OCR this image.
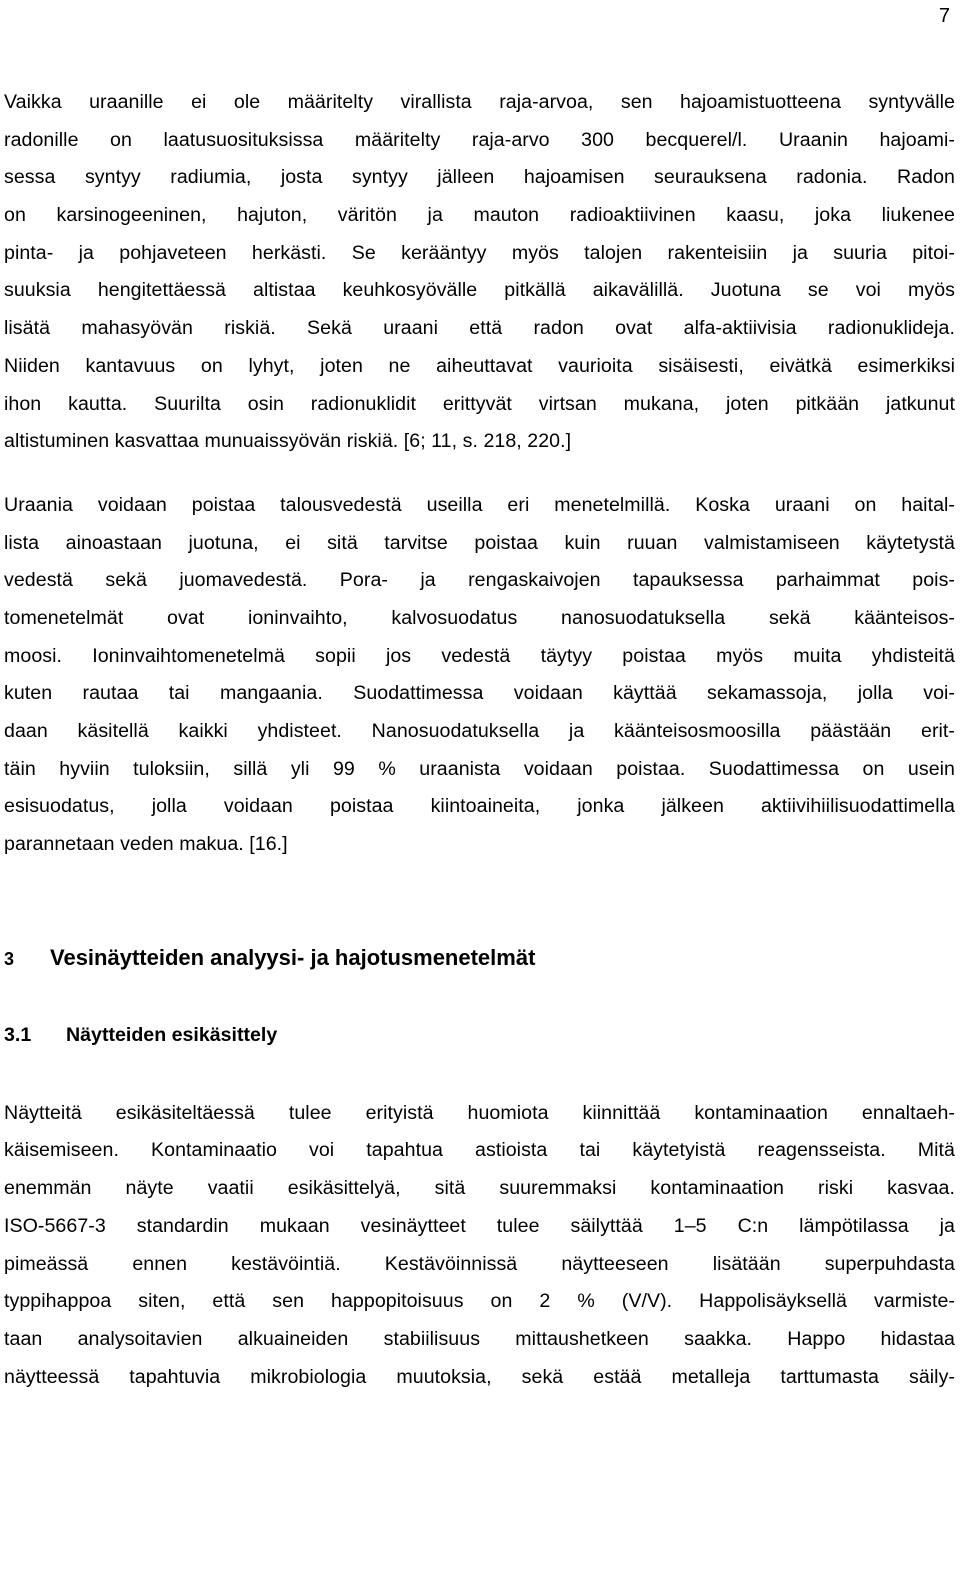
7
Vaikka uraanille ei ole määritelty virallista raja-arvoa, sen hajoamistuotteena syntyvälle
radonille on laatusuosituksissa määritelty raja-arvo 300 becquerel/l. Uraanin hajoami-
sessa syntyy radiumia, josta syntyy jälleen hajoamisen seurauksena radonia. Radon
on karsinogeeninen, hajuton, väritön ja mauton radioaktiivinen kaasu, joka liukenee
pinta- ja pohjaveteen herkästi. Se kerääntyy myös talojen rakenteisiin ja suuria pitoi-
suuksia hengitettäessä altistaa keuhkosyövälle pitkällä aikavälillä. Juotuna se voi myös
lisätä mahasyövän riskiä. Sekä uraani että radon ovat alfa-aktiivisia radionuklideja.
Niiden kantavuus on lyhyt, joten ne aiheuttavat vaurioita sisäisesti, eivätkä esimerkiksi
ihon kautta. Suurilta osin radionuklidit erittyvät virtsan mukana, joten pitkään jatkunut
altistuminen kasvattaa munuaissyövän riskiä. [6; 11, s. 218, 220.]
Uraania voidaan poistaa talousvedestä useilla eri menetelmillä. Koska uraani on haital-
lista ainoastaan juotuna, ei sitä tarvitse poistaa kuin ruuan valmistamiseen käytetystä
vedestä sekä juomavedestä. Pora- ja rengaskaivojen tapauksessa parhaimmat pois-
tomenetelmät ovat ioninvaihto, kalvosuodatus nanosuodatuksella sekä käänteisos-
moosi. Ioninvaihtomenetelmä sopii jos vedestä täytyy poistaa myös muita yhdisteitä
kuten rautaa tai mangaania. Suodattimessa voidaan käyttää sekamassoja, jolla voi-
daan käsitellä kaikki yhdisteet. Nanosuodatuksella ja käänteisosmoosilla päästään erit-
täin hyviin tuloksiin, sillä yli 99 % uraanista voidaan poistaa. Suodattimessa on usein
esisuodatus, jolla voidaan poistaa kiintoaineita, jonka jälkeen aktiivihiilisuodattimella
parannetaan veden makua. [16.]
3	Vesinäytteiden analyysi- ja hajotusmenetelmät
3.1	Näytteiden esikäsittely
Näytteitä esikäsiteltäessä tulee erityistä huomiota kiinnittää kontaminaation ennaltaeh-
käisemiseen. Kontaminaatio voi tapahtua astioista tai käytetyistä reagensseista. Mitä
enemmän näyte vaatii esikäsittelyä, sitä suuremmaksi kontaminaation riski kasvaa.
ISO-5667-3 standardin mukaan vesinäytteet tulee säilyttää 1–5 C:n lämpötilassa ja
pimeässä ennen kestävöintiä. Kestävöinnissä näytteeseen lisätään superpuhdasta
typpihappoa siten, että sen happopitoisuus on 2 % (V/V). Happolisäyksellä varmiste-
taan analysoitavien alkuaineiden stabiilisuus mittaushetkeen saakka. Happo hidastaa
näytteessä tapahtuvia mikrobiologia muutoksia, sekä estää metalleja tarttumasta säily-
